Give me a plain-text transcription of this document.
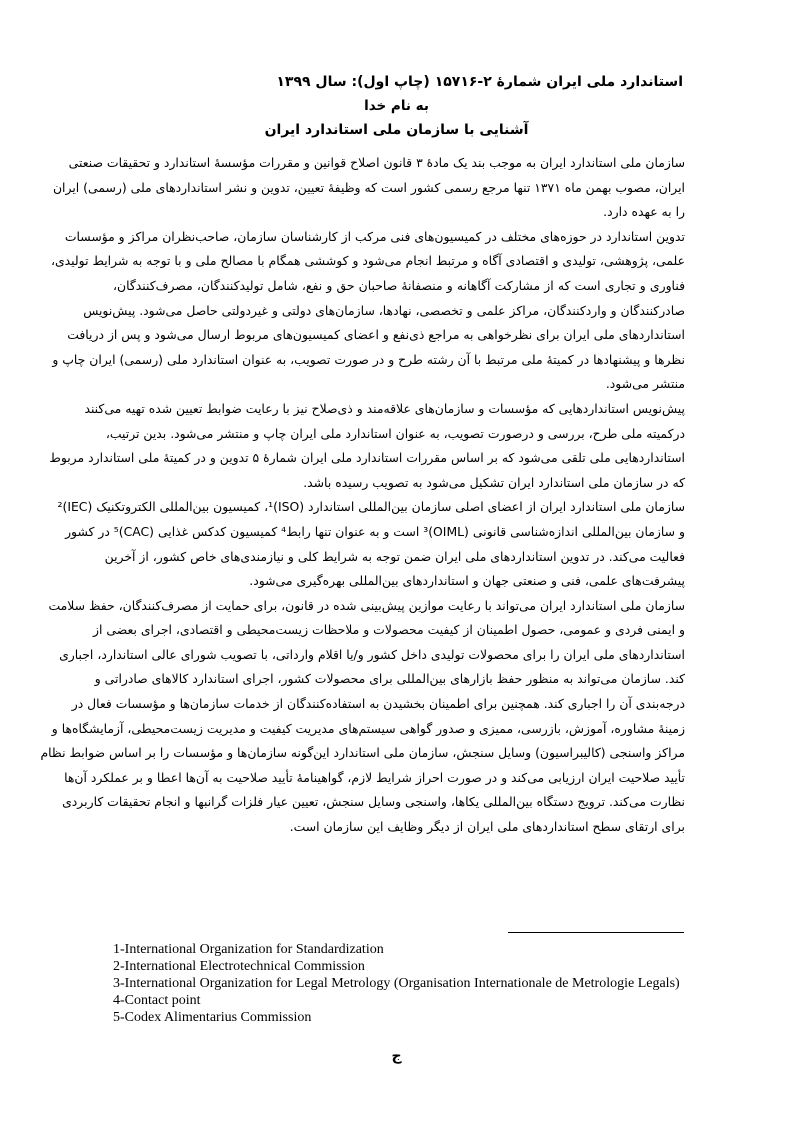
استاندارد ملی ایران شمارۀ ۲-۱۵۷۱۶ (چاپ اول): سال ۱۳۹۹
به نام خدا
آشنایی با سازمان ملی استاندارد ایران
سازمان ملی استاندارد ایران به موجب بند یک مادۀ ۳ قانون اصلاح قوانین و مقررات مؤسسۀ استاندارد و تحقیقات صنعتی
ایران، مصوب بهمن ماه ۱۳۷۱ تنها مرجع رسمی کشور است که وظیفۀ تعیین، تدوین و نشر استانداردهای ملی (رسمی) ایران
را به عهده دارد.
تدوین استاندارد در حوزه‌های مختلف در کمیسیون‌های فنی مرکب از کارشناسان سازمان، صاحب‌نظران مراکز و مؤسسات
علمی، پژوهشی، تولیدی و اقتصادی آگاه و مرتبط انجام می‌شود و کوششی همگام با مصالح ملی و با توجه به شرایط تولیدی،
فناوری و تجاری است که از مشارکت آگاهانه و منصفانۀ صاحبان حق و نفع، شامل تولیدکنندگان، مصرف‌کنندگان،
صادرکنندگان و واردکنندگان، مراکز علمی و تخصصی، نهادها، سازمان‌های دولتی و غیردولتی حاصل می‌شود. پیش‌نویس
استانداردهای ملی ایران برای نظرخواهی به مراجع ذی‌نفع و اعضای کمیسیون‌های مربوط ارسال می‌شود و پس از دریافت
نظرها و پیشنهادها در کمیتۀ ملی مرتبط با آن رشته طرح و در صورت تصویب، به عنوان استاندارد ملی (رسمی) ایران چاپ و
منتشر می‌شود.
پیش‌نویس استانداردهایی که مؤسسات و سازمان‌های علاقه‌مند و ذی‌صلاح نیز با رعایت ضوابط تعیین شده تهیه می‌کنند
درکمیته ملی طرح، بررسی و درصورت تصویب، به عنوان استاندارد ملی ایران چاپ و منتشر می‌شود. بدین ترتیب،
استانداردهایی ملی تلقی می‌شود که بر اساس مقررات استاندارد ملی ایران شمارۀ ۵ تدوین و در کمیتۀ ملی استاندارد مربوط
که در سازمان ملی استاندارد ایران تشکیل می‌شود به تصویب رسیده باشد.
سازمان ملی استاندارد ایران از اعضای اصلی سازمان بین‌المللی استاندارد (ISO)¹، کمیسیون بین‌المللی الکتروتکنیک (IEC)²
و سازمان بین‌المللی اندازه‌شناسی قانونی (OIML)³ است و به عنوان تنها رابط⁴ کمیسیون کدکس غذایی (CAC)⁵ در کشور
فعالیت می‌کند. در تدوین استانداردهای ملی ایران ضمن توجه به شرایط کلی و نیازمندی‌های خاص کشور، از آخرین
پیشرفت‌های علمی، فنی و صنعتی جهان و استانداردهای بین‌المللی بهره‌گیری می‌شود.
سازمان ملی استاندارد ایران می‌تواند با رعایت موازین پیش‌بینی شده در قانون، برای حمایت از مصرف‌کنندگان، حفظ سلامت
و ایمنی فردی و عمومی، حصول اطمینان از کیفیت محصولات و ملاحظات زیست‌محیطی و اقتصادی، اجرای بعضی از
استانداردهای ملی ایران را برای محصولات تولیدی داخل کشور و/یا اقلام وارداتی، با تصویب شورای عالی استاندارد، اجباری
کند. سازمان می‌تواند به منظور حفظ بازارهای بین‌المللی برای محصولات کشور، اجرای استاندارد کالاهای صادراتی و
درجه‌بندی آن را اجباری کند. همچنین برای اطمینان بخشیدن به استفاده‌کنندگان از خدمات سازمان‌ها و مؤسسات فعال در
زمینۀ مشاوره، آموزش، بازرسی، ممیزی و صدور گواهی سیستم‌های مدیریت کیفیت و مدیریت زیست‌محیطی، آزمایشگاه‌ها و
مراکز واسنجی (کالیبراسیون) وسایل سنجش، سازمان ملی استاندارد این‌گونه سازمان‌ها و مؤسسات را بر اساس ضوابط نظام
تأیید صلاحیت ایران ارزیابی می‌کند و در صورت احراز شرایط لازم، گواهینامۀ تأیید صلاحیت به آن‌ها اعطا و بر عملکرد آن‌ها
نظارت می‌کند. ترویج دستگاه بین‌المللی یکاها، واسنجی وسایل سنجش، تعیین عیار فلزات گرانبها و انجام تحقیقات کاربردی
برای ارتقای سطح استانداردهای ملی ایران از دیگر وظایف این سازمان است.
1-International Organization for Standardization
2-International Electrotechnical Commission
3-International Organization for Legal Metrology (Organisation Internationale de Metrologie Legals)
4-Contact point
5-Codex Alimentarius Commission
ج
